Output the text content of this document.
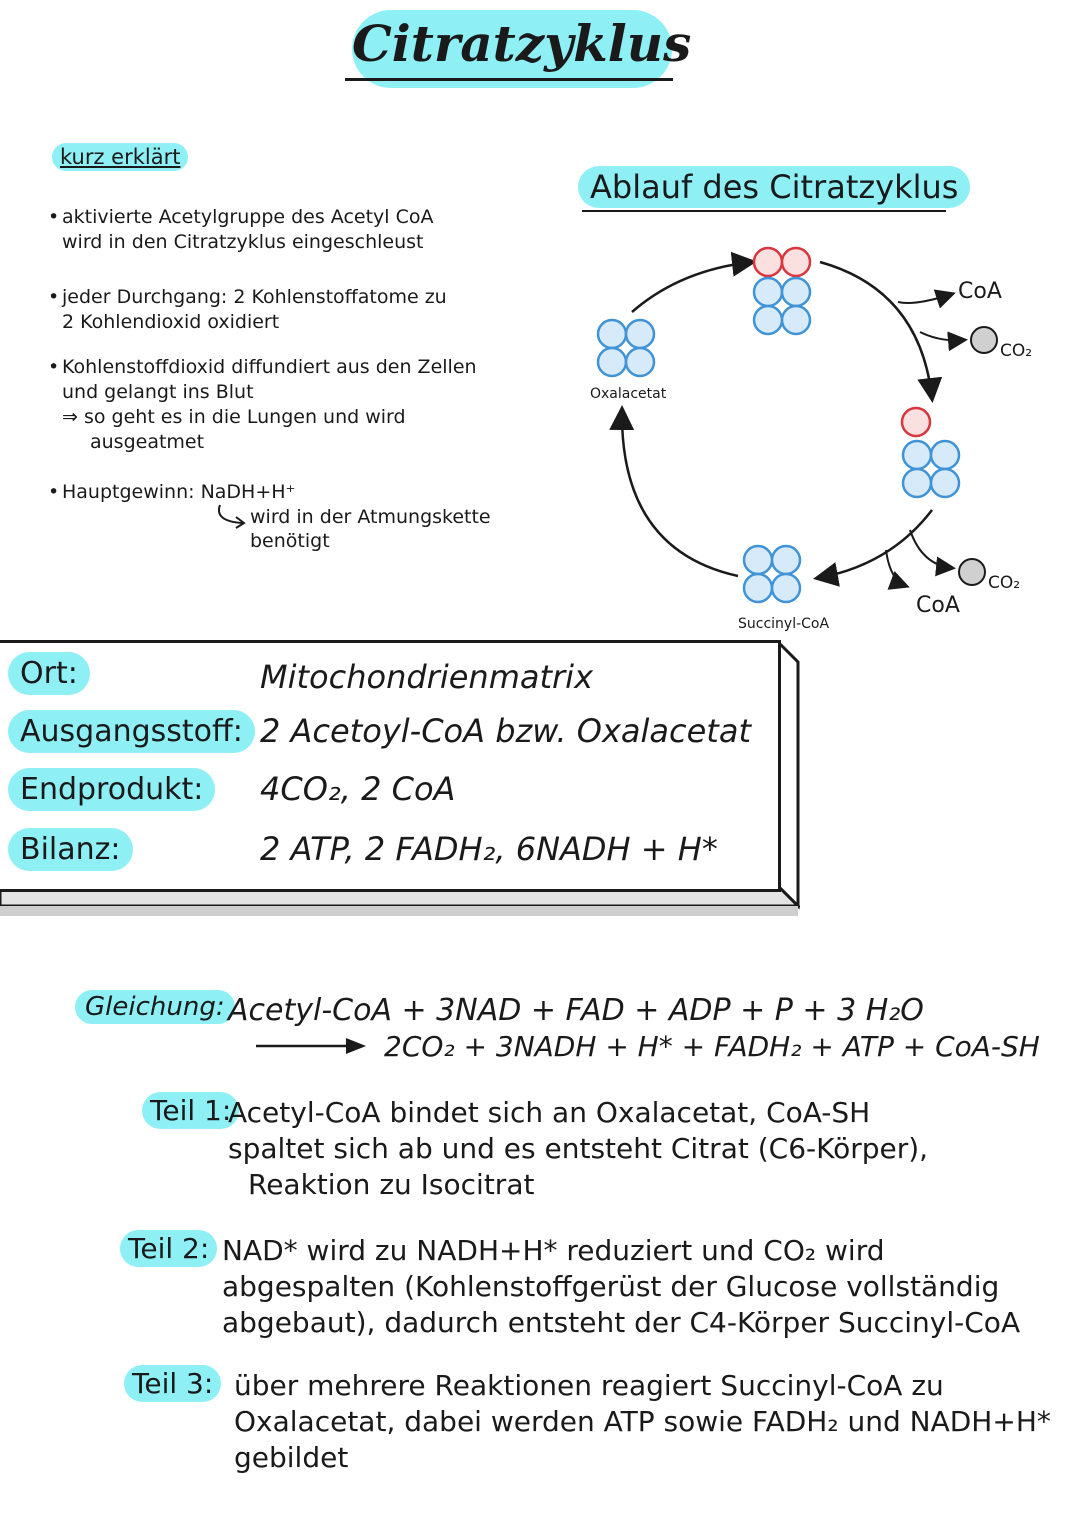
Citratzyklus
kurz erklärt
• aktivierte Acetylgruppe des Acetyl CoA
wird in den Citratzyklus eingeschleust
• jeder Durchgang: 2 Kohlenstoffatome zu
2 Kohlendioxid oxidiert
• Kohlenstoffdioxid diffundiert aus den Zellen
und gelangt ins Blut
⇒ so geht es in die Lungen und wird
ausgeatmet
• Hauptgewinn: NaDH+H⁺
wird in der Atmungskette
benötigt
Ablauf des Citratzyklus
Oxalacetat
Succinyl-CoA
CoA
CO₂
CO₂
CoA
Ort:	Mitochondrienmatrix
Ausgangsstoff: 2 Acetoyl-CoA bzw. Oxalacetat
Endprodukt:	4CO₂, 2 CoA
Bilanz:	2 ATP, 2 FADH₂, 6NADH + H*
Gleichung: Acetyl-CoA + 3NAD + FAD + ADP + P + 3 H₂O
2CO₂ + 3NADH + H* + FADH₂ + ATP + CoA-SH
Teil 1:
Acetyl-CoA bindet sich an Oxalacetat, CoA-SH
spaltet sich ab und es entsteht Citrat (C6-Körper),
Reaktion zu Isocitrat
Teil 2: NAD* wird zu NADH+H* reduziert und CO₂ wird
abgespalten (Kohlenstoffgerüst der Glucose vollständig
abgebaut), dadurch entsteht der C4-Körper Succinyl-CoA
Teil 3: über mehrere Reaktionen reagiert Succinyl-CoA zu
Oxalacetat, dabei werden ATP sowie FADH₂ und NADH+H*
gebildet
